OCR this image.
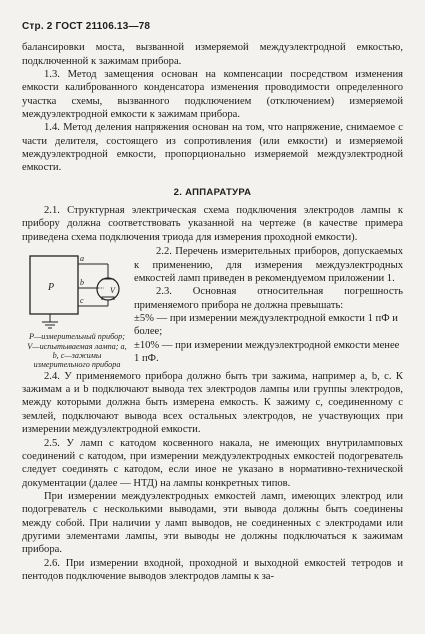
Стр. 2 ГОСТ 21106.13—78

балансировки моста, вызванной измеряемой междуэлектродной емкостью, подключенной к зажимам прибора.

1.3. Метод замещения основан на компенсации посредством изменения емкости калиброванного конденсатора изменения проводимости определенного участка схемы, вызванного подключением (отключением) измеряемой междуэлектродной емкости к зажимам прибора.

1.4. Метод деления напряжения основан на том, что напряжение, снимаемое с части делителя, состоящего из сопротивления (или емкости) и измеряемой междуэлектродной емкости, пропорционально измеряемой междуэлектродной емкости.

2. АППАРАТУРА

2.1. Структурная электрическая схема подключения электродов лампы к прибору должна соответствовать указанной на чертеже (в качестве примера приведена схема подключения триода для измерения проходной емкости).

P
a
b
c
V
P—измерительный прибор; V—испытываемая лампа; a, b, c—зажимы измерительного прибора

2.2. Перечень измерительных приборов, допускаемых к применению, для измерения междуэлектродных емкостей ламп приведен в рекомендуемом приложении 1.

2.3. Основная относительная погрешность применяемого прибора не должна превышать:

±5% — при измерении междуэлектродной емкости 1 пФ и более;

±10% — при измерении междуэлектродной емкости менее 1 пФ.

2.4. У применяемого прибора должно быть три зажима, например a, b, c. К зажимам a и b подключают вывода тех электродов лампы или группы электродов, между которыми должна быть измерена емкость. К зажиму c, соединенному с землей, подключают вывода всех остальных электродов, не участвующих при измерении междуэлектродной емкости.

2.5. У ламп с катодом косвенного накала, не имеющих внутриламповых соединений с катодом, при измерении междуэлектродных емкостей подогреватель следует соединять с катодом, если иное не указано в нормативно-технической документации (далее — НТД) на лампы конкретных типов.

При измерении междуэлектродных емкостей ламп, имеющих электрод или подогреватель с несколькими выводами, эти вывода должны быть соединены между собой. При наличии у ламп выводов, не соединенных с электродами или другими элементами лампы, эти выводы не должны подключаться к зажимам прибора.

2.6. При измерении входной, проходной и выходной емкостей тетродов и пентодов подключение выводов электродов лампы к за-
